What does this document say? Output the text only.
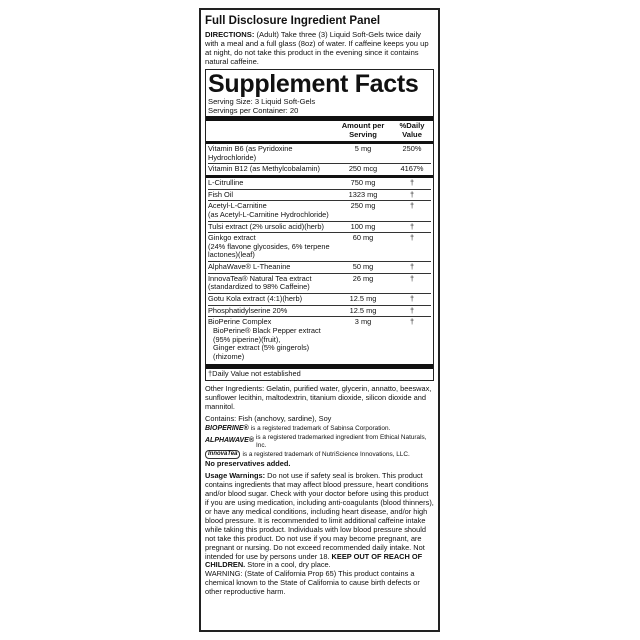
Full Disclosure Ingredient Panel
DIRECTIONS: (Adult) Take three (3) Liquid Soft-Gels twice daily with a meal and a full glass (8oz) of water. If caffeine keeps you up at night, do not take this product in the evening since it contains natural caffeine.
Supplement Facts
Serving Size: 3 Liquid Soft-Gels
Servings per Container: 20
Amount per Serving
%Daily Value
Vitamin B6 (as Pyridoxine Hydrochloride)
5 mg	250%
Vitamin B12 (as Methylcobalamin)	250 mcg	4167%
L-Citrulline	750 mg	†
Fish Oil	1323 mg	†
Acetyl-L-Carnitine
(as Acetyl-L-Carnitine Hydrochloride)
250 mg	†
Tulsi extract (2% ursolic acid)(herb)	100 mg	†
Ginkgo extract
(24% flavone glycosides, 6% terpene lactones)(leaf)
60 mg	†
AlphaWave® L-Theanine	50 mg	†
InnovaTea® Natural Tea extract
(standardized to 98% Caffeine)
26 mg	†
Gotu Kola extract (4:1)(herb)	12.5 mg	†
Phosphatidylserine 20%	12.5 mg	†
BioPerine Complex
BioPerine® Black Pepper extract (95% piperine)(fruit),
Ginger extract (5% gingerols)(rhizome)
3 mg	†
†Daily Value not established
Other Ingredients: Gelatin, purified water, glycerin, annatto, beeswax, sunflower lecithin, maltodextrin, titanium dioxide, silicon dioxide and mannitol.
Contains: Fish (anchovy, sardine), Soy
BIOPERINE® is a registered trademark of Sabinsa Corporation.
ALPHAWAVE® is a registered trademarked ingredient from Ethical Naturals, Inc.
InnovaTea is a registered trademark of NutriScience Innovations, LLC.
No preservatives added.
Usage Warnings: Do not use if safety seal is broken. This product contains ingredients that may affect blood pressure, heart conditions and/or blood sugar. Check with your doctor before using this product if you are using medication, including anti-coagulants (blood thinners), or have any medical conditions, including heart disease, and/or high blood pressure. It is recommended to limit additional caffeine intake while taking this product. Individuals with low blood pressure should not take this product. Do not use if you may become pregnant, are pregnant or nursing. Do not exceed recommended daily intake. Not intended for use by persons under 18. KEEP OUT OF REACH OF CHILDREN. Store in a cool, dry place.
WARNING: (State of California Prop 65) This product contains a chemical known to the State of California to cause birth defects or other reproductive harm.
